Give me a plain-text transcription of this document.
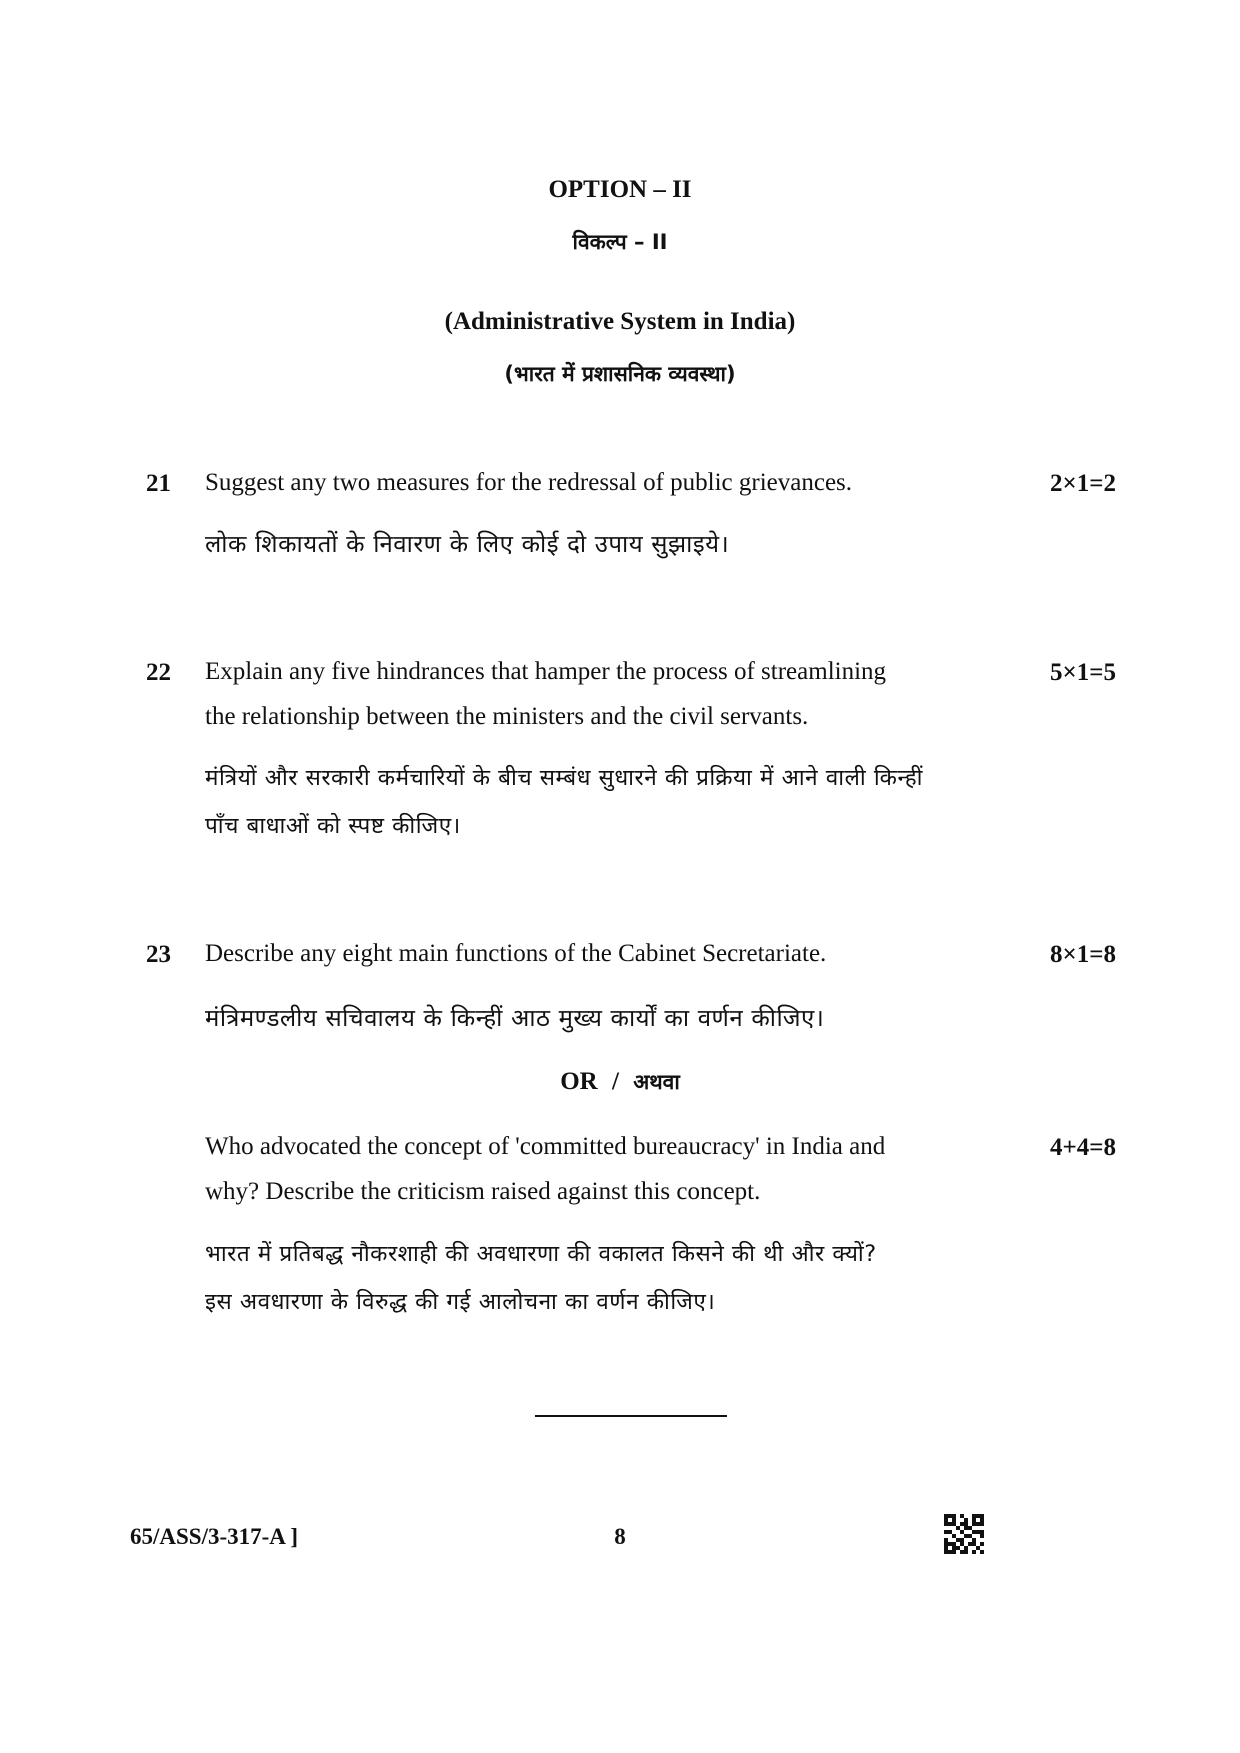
OPTION – II
विकल्प – II
(Administrative System in India)
(भारत में प्रशासनिक व्यवस्था)
21 Suggest any two measures for the redressal of public grievances.	2×1=2
लोक शिकायतों के निवारण के लिए कोई दो उपाय सुझाइये।
22 Explain any five hindrances that hamper the process of streamlining
the relationship between the ministers and the civil servants.
5×1=5
मंत्रियों और सरकारी कर्मचारियों के बीच सम्बंध सुधारने की प्रक्रिया में आने वाली किन्हीं
पाँच बाधाओं को स्पष्ट कीजिए।
23 Describe any eight main functions of the Cabinet Secretariate.	8×1=8
मंत्रिमण्डलीय सचिवालय के किन्हीं आठ मुख्य कार्यों का वर्णन कीजिए।
OR / अथवा
Who advocated the concept of 'committed bureaucracy' in India and
why? Describe the criticism raised against this concept.
4+4=8
भारत में प्रतिबद्ध नौकरशाही की अवधारणा की वकालत किसने की थी और क्यों?
इस अवधारणा के विरुद्ध की गई आलोचना का वर्णन कीजिए।
65/ASS/3-317-A ]	8
